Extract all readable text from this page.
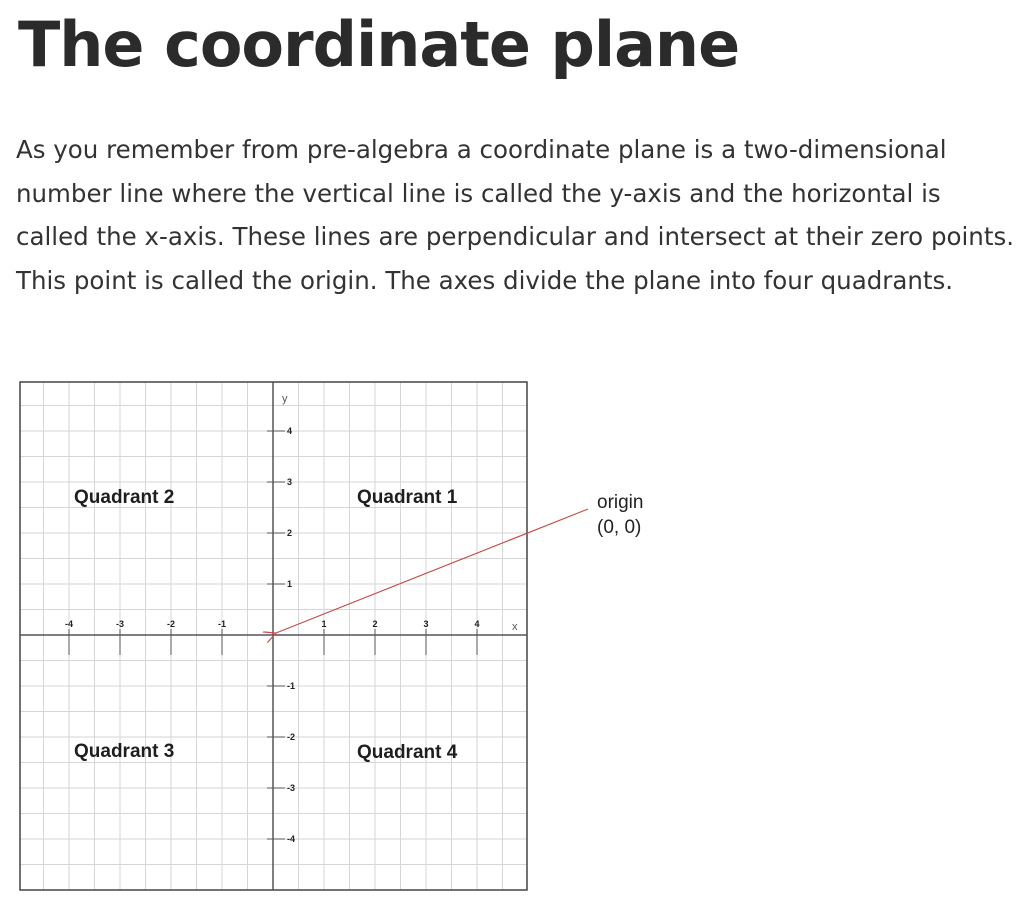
The coordinate plane

As you remember from pre-algebra a coordinate plane is a two-dimensional number line where the vertical line is called the y-axis and the horizontal is called the x-axis. These lines are perpendicular and intersect at their zero points. This point is called the origin. The axes divide the plane into four quadrants.

-4	-3	-2	-1	1	2	3	4
4
3
2
1
-1
-2
-3
-4
y
x
Quadrant 2	Quadrant 1
Quadrant 3	Quadrant 4
origin
(0, 0)
